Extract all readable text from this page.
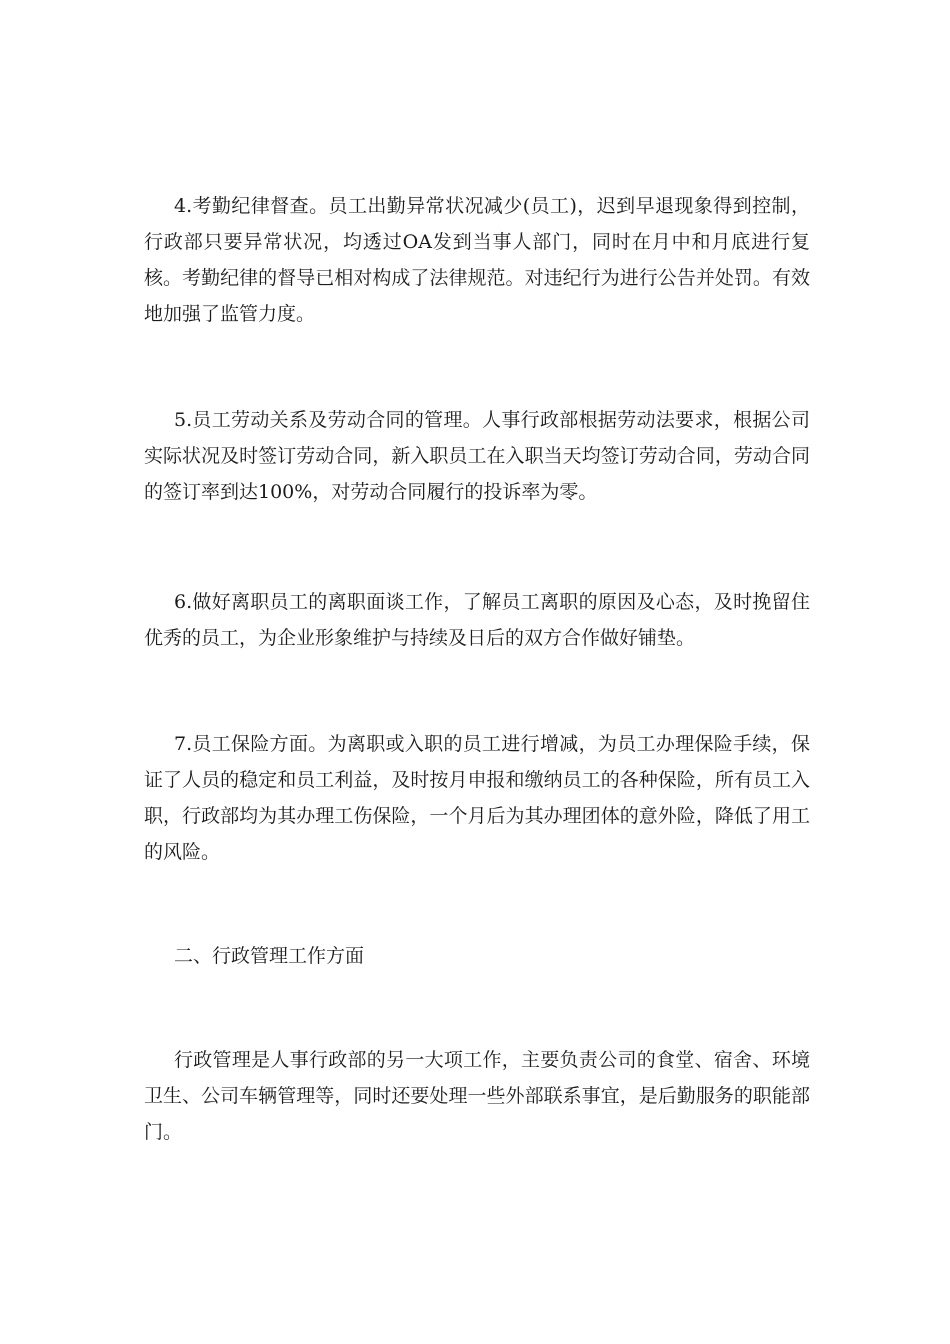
4.考勤纪律督查。员工出勤异常状况减少(员工)，迟到早退现象得到控制，行政部只要异常状况，均透过OA发到当事人部门，同时在月中和月底进行复核。考勤纪律的督导已相对构成了法律规范。对违纪行为进行公告并处罚。有效地加强了监管力度。

5.员工劳动关系及劳动合同的管理。人事行政部根据劳动法要求，根据公司实际状况及时签订劳动合同，新入职员工在入职当天均签订劳动合同，劳动合同的签订率到达100%，对劳动合同履行的投诉率为零。

6.做好离职员工的离职面谈工作，了解员工离职的原因及心态，及时挽留住优秀的员工，为企业形象维护与持续及日后的双方合作做好铺垫。

7.员工保险方面。为离职或入职的员工进行增减，为员工办理保险手续，保证了人员的稳定和员工利益，及时按月申报和缴纳员工的各种保险，所有员工入职，行政部均为其办理工伤保险，一个月后为其办理团体的意外险，降低了用工的风险。

二、行政管理工作方面

行政管理是人事行政部的另一大项工作，主要负责公司的食堂、宿舍、环境卫生、公司车辆管理等，同时还要处理一些外部联系事宜，是后勤服务的职能部门。
